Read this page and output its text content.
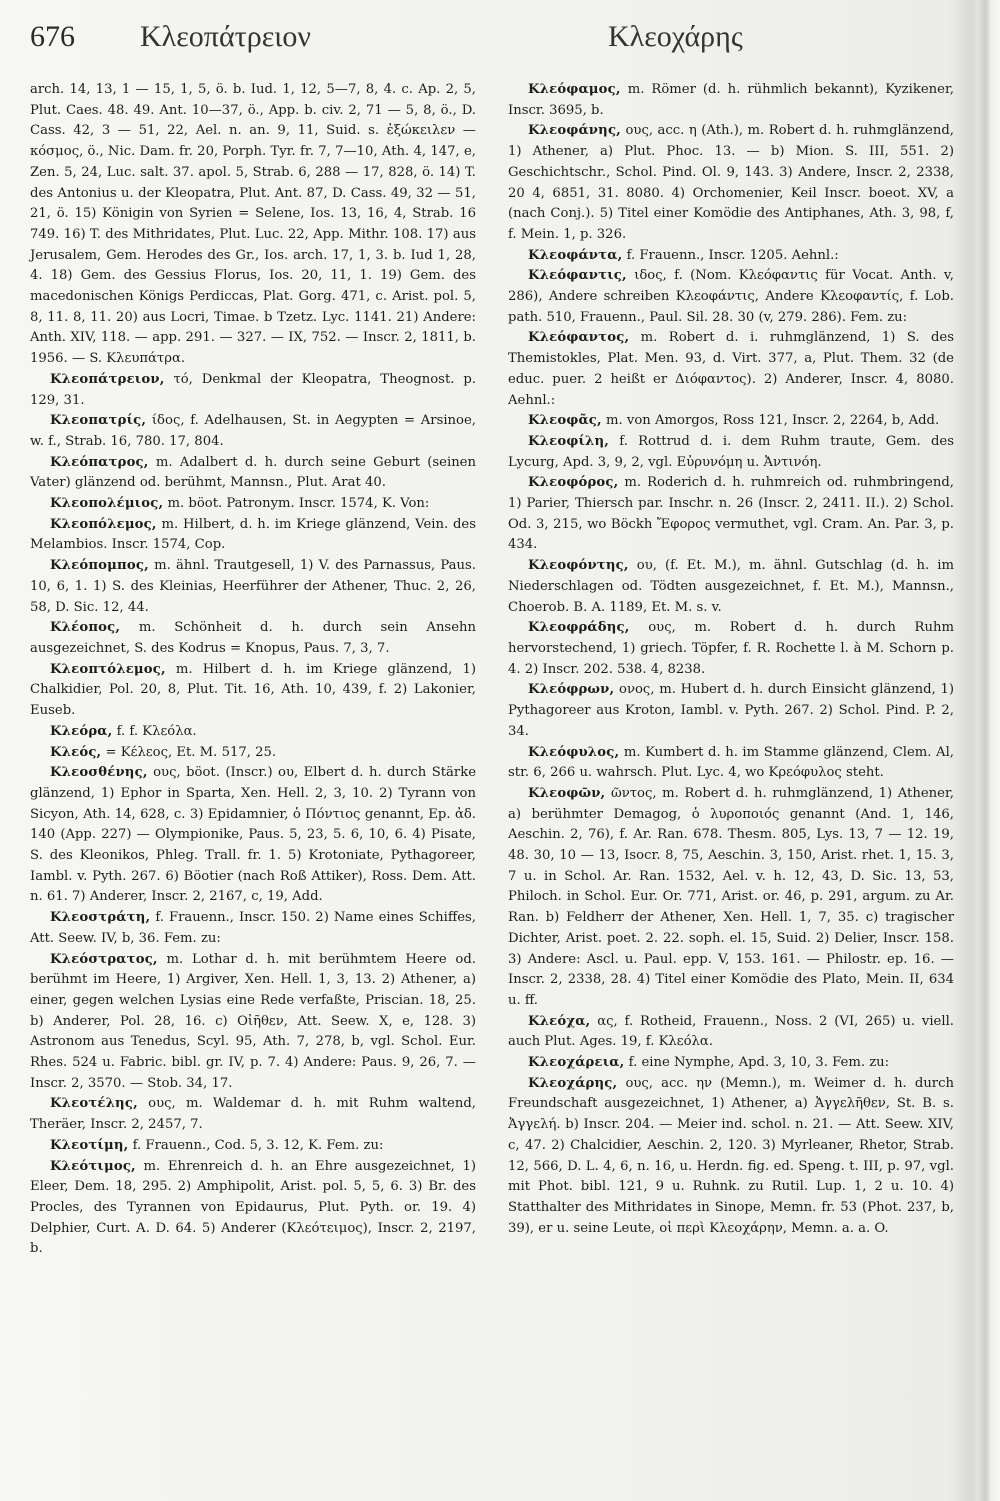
676 Κλεοπάτρειον	Κλεοχάρης

arch. 14, 13, 1 — 15, 1, 5, ö. b. Iud. 1, 12, 5—7, 8, 4. c. Ap. 2, 5, Plut. Caes. 48. 49. Ant. 10—37, ö., App. b. civ. 2, 71 — 5, 8, ö., D. Cass. 42, 3 — 51, 22, Ael. n. an. 9, 11, Suid. s. ἐξώκειλεν — κόσμος, ö., Nic. Dam. fr. 20, Porph. Tyr. fr. 7, 7—10, Ath. 4, 147, e, Zen. 5, 24, Luc. salt. 37. apol. 5, Strab. 6, 288 — 17, 828, ö. 14) T. des Antonius u. der Kleopatra, Plut. Ant. 87, D. Cass. 49, 32 — 51, 21, ö. 15) Königin von Syrien = Selene, Ios. 13, 16, 4, Strab. 16 749. 16) T. des Mithridates, Plut. Luc. 22, App. Mithr. 108. 17) aus Jerusalem, Gem. Herodes des Gr., Ios. arch. 17, 1, 3. b. Iud 1, 28, 4. 18) Gem. des Gessius Florus, Ios. 20, 11, 1. 19) Gem. des macedonischen Königs Perdiccas, Plat. Gorg. 471, c. Arist. pol. 5, 8, 11. 8, 11. 20) aus Locri, Timae. b Tzetz. Lyc. 1141. 21) Andere: Anth. XIV, 118. — app. 291. — 327. — IX, 752. — Inscr. 2, 1811, b. 1956. — S. Κλευπάτρα.

Κλεοπάτρειον, τό, Denkmal der Kleopatra, Theognost. p. 129, 31.

Κλεοπατρίς, ίδος, f. Adelhausen, St. in Aegypten = Arsinoe, w. f., Strab. 16, 780. 17, 804.

Κλεόπατρος, m. Adalbert d. h. durch seine Geburt (seinen Vater) glänzend od. berühmt, Mannsn., Plut. Arat 40.

Κλεοπολέμιος, m. böot. Patronym. Inscr. 1574, K. Von:

Κλεοπόλεμος, m. Hilbert, d. h. im Kriege glänzend, Vein. des Melambios. Inscr. 1574, Cop.

Κλεόπομπος, m. ähnl. Trautgesell, 1) V. des Parnassus, Paus. 10, 6, 1. 1) S. des Kleinias, Heerführer der Athener, Thuc. 2, 26, 58, D. Sic. 12, 44.

Κλέοπος, m. Schönheit d. h. durch sein Ansehn ausgezeichnet, S. des Kodrus = Knopus, Paus. 7, 3, 7.

Κλεοπτόλεμος, m. Hilbert d. h. im Kriege glänzend, 1) Chalkidier, Pol. 20, 8, Plut. Tit. 16, Ath. 10, 439, f. 2) Lakonier, Euseb.

Κλεόρα, f. f. Κλεόλα.

Κλεός, = Κέλεος, Et. M. 517, 25.

Κλεοσθένης, ους, böot. (Inscr.) ου, Elbert d. h. durch Stärke glänzend, 1) Ephor in Sparta, Xen. Hell. 2, 3, 10. 2) Tyrann von Sicyon, Ath. 14, 628, c. 3) Epidamnier, ὁ Πόντιος genannt, Ep. ἀδ. 140 (App. 227) — Olympionike, Paus. 5, 23, 5. 6, 10, 6. 4) Pisate, S. des Kleonikos, Phleg. Trall. fr. 1. 5) Krotoniate, Pythagoreer, Iambl. v. Pyth. 267. 6) Böotier (nach Roß Attiker), Ross. Dem. Att. n. 61. 7) Anderer, Inscr. 2, 2167, c, 19, Add.

Κλεοστράτη, f. Frauenn., Inscr. 150. 2) Name eines Schiffes, Att. Seew. IV, b, 36. Fem. zu:

Κλεόστρατος, m. Lothar d. h. mit berühmtem Heere od. berühmt im Heere, 1) Argiver, Xen. Hell. 1, 3, 13. 2) Athener, a) einer, gegen welchen Lysias eine Rede verfaßte, Priscian. 18, 25. b) Anderer, Pol. 28, 16. c) Οἰῆθεν, Att. Seew. X, e, 128. 3) Astronom aus Tenedus, Scyl. 95, Ath. 7, 278, b, vgl. Schol. Eur. Rhes. 524 u. Fabric. bibl. gr. IV, p. 7. 4) Andere: Paus. 9, 26, 7. — Inscr. 2, 3570. — Stob. 34, 17.

Κλεοτέλης, ους, m. Waldemar d. h. mit Ruhm waltend, Theräer, Inscr. 2, 2457, 7.

Κλεοτίμη, f. Frauenn., Cod. 5, 3. 12, K. Fem. zu:

Κλεότιμος, m. Ehrenreich d. h. an Ehre ausgezeichnet, 1) Eleer, Dem. 18, 295. 2) Amphipolit, Arist. pol. 5, 5, 6. 3) Br. des Procles, des Tyrannen von Epidaurus, Plut. Pyth. or. 19. 4) Delphier, Curt. A. D. 64. 5) Anderer (Κλεότειμος), Inscr. 2, 2197, b.

Κλεόφαμος, m. Römer (d. h. rühmlich bekannt), Kyzikener, Inscr. 3695, b.

Κλεοφάνης, ους, acc. η (Ath.), m. Robert d. h. ruhmglänzend, 1) Athener, a) Plut. Phoc. 13. — b) Mion. S. III, 551. 2) Geschichtschr., Schol. Pind. Ol. 9, 143. 3) Andere, Inscr. 2, 2338, 20 4, 6851, 31. 8080. 4) Orchomenier, Keil Inscr. boeot. XV, a (nach Conj.). 5) Titel einer Komödie des Antiphanes, Ath. 3, 98, f, f. Mein. 1, p. 326.

Κλεοφάντα, f. Frauenn., Inscr. 1205. Aehnl.:

Κλεόφαντις, ιδος, f. (Nom. Κλεόφαντις für Vocat. Anth. v, 286), Andere schreiben Κλεοφάντις, Andere Κλεοφαντίς, f. Lob. path. 510, Frauenn., Paul. Sil. 28. 30 (v, 279. 286). Fem. zu:

Κλεόφαντος, m. Robert d. i. ruhmglänzend, 1) S. des Themistokles, Plat. Men. 93, d. Virt. 377, a, Plut. Them. 32 (de educ. puer. 2 heißt er Διόφαντος). 2) Anderer, Inscr. 4, 8080. Aehnl.:

Κλεοφᾶς, m. von Amorgos, Ross 121, Inscr. 2, 2264, b, Add.

Κλεοφίλη, f. Rottrud d. i. dem Ruhm traute, Gem. des Lycurg, Apd. 3, 9, 2, vgl. Εὐρυνόμη u. Ἀντινόη.

Κλεοφόρος, m. Roderich d. h. ruhmreich od. ruhmbringend, 1) Parier, Thiersch par. Inschr. n. 26 (Inscr. 2, 2411. II.). 2) Schol. Od. 3, 215, wo Böckh Ἔφορος vermuthet, vgl. Cram. An. Par. 3, p. 434.

Κλεοφόντης, ου, (f. Et. M.), m. ähnl. Gutschlag (d. h. im Niederschlagen od. Tödten ausgezeichnet, f. Et. M.), Mannsn., Choerob. B. A. 1189, Et. M. s. v.

Κλεοφράδης, ους, m. Robert d. h. durch Ruhm hervorstechend, 1) griech. Töpfer, f. R. Rochette l. à M. Schorn p. 4. 2) Inscr. 202. 538. 4, 8238.

Κλεόφρων, ονος, m. Hubert d. h. durch Einsicht glänzend, 1) Pythagoreer aus Kroton, Iambl. v. Pyth. 267. 2) Schol. Pind. P. 2, 34.

Κλεόφυλος, m. Kumbert d. h. im Stamme glänzend, Clem. Al, str. 6, 266 u. wahrsch. Plut. Lyc. 4, wo Κρεόφυλος steht.

Κλεοφῶν, ῶντος, m. Robert d. h. ruhmglänzend, 1) Athener, a) berühmter Demagog, ὁ λυροποιός genannt (And. 1, 146, Aeschin. 2, 76), f. Ar. Ran. 678. Thesm. 805, Lys. 13, 7 — 12. 19, 48. 30, 10 — 13, Isocr. 8, 75, Aeschin. 3, 150, Arist. rhet. 1, 15. 3, 7 u. in Schol. Ar. Ran. 1532, Ael. v. h. 12, 43, D. Sic. 13, 53, Philoch. in Schol. Eur. Or. 771, Arist. or. 46, p. 291, argum. zu Ar. Ran. b) Feldherr der Athener, Xen. Hell. 1, 7, 35. c) tragischer Dichter, Arist. poet. 2. 22. soph. el. 15, Suid. 2) Delier, Inscr. 158. 3) Andere: Ascl. u. Paul. epp. V, 153. 161. — Philostr. ep. 16. — Inscr. 2, 2338, 28. 4) Titel einer Komödie des Plato, Mein. II, 634 u. ff.

Κλεόχα, ας, f. Rotheid, Frauenn., Noss. 2 (VI, 265) u. viell. auch Plut. Ages. 19, f. Κλεόλα.

Κλεοχάρεια, f. eine Nymphe, Apd. 3, 10, 3. Fem. zu:

Κλεοχάρης, ους, acc. ην (Memn.), m. Weimer d. h. durch Freundschaft ausgezeichnet, 1) Athener, a) Ἀγγελῆθεν, St. B. s. Ἀγγελή. b) Inscr. 204. — Meier ind. schol. n. 21. — Att. Seew. XIV, c, 47. 2) Chalcidier, Aeschin. 2, 120. 3) Myrleaner, Rhetor, Strab. 12, 566, D. L. 4, 6, n. 16, u. Herdn. fig. ed. Speng. t. III, p. 97, vgl. mit Phot. bibl. 121, 9 u. Ruhnk. zu Rutil. Lup. 1, 2 u. 10. 4) Statthalter des Mithridates in Sinope, Memn. fr. 53 (Phot. 237, b, 39), er u. seine Leute, οἱ περὶ Κλεοχάρην, Memn. a. a. O.
